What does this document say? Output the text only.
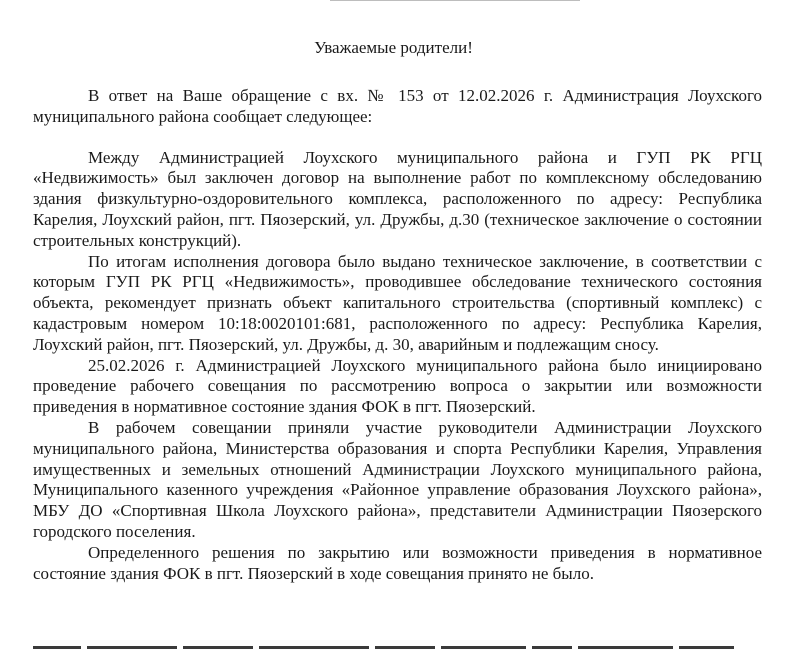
Уважаемые родители!

В ответ на Ваше обращение с вх. № 153 от 12.02.2026 г. Администрация Лоухского муниципального района сообщает следующее:

Между Администрацией Лоухского муниципального района и ГУП РК РГЦ «Недвижимость» был заключен договор на выполнение работ по комплексному обследованию здания физкультурно-оздоровительного комплекса, расположенного по адресу: Республика Карелия, Лоухский район, пгт. Пяозерский, ул. Дружбы, д.30 (техническое заключение о состоянии строительных конструкций).

По итогам исполнения договора было выдано техническое заключение, в соответствии с которым ГУП РК РГЦ «Недвижимость», проводившее обследование технического состояния объекта, рекомендует признать объект капитального строительства (спортивный комплекс) с кадастровым номером 10:18:0020101:681, расположенного по адресу: Республика Карелия, Лоухский район, пгт. Пяозерский, ул. Дружбы, д. 30, аварийным и подлежащим сносу.

25.02.2026 г. Администрацией Лоухского муниципального района было инициировано проведение рабочего совещания по рассмотрению вопроса о закрытии или возможности приведения в нормативное состояние здания ФОК в пгт. Пяозерский.

В рабочем совещании приняли участие руководители Администрации Лоухского муниципального района, Министерства образования и спорта Республики Карелия, Управления имущественных и земельных отношений Администрации Лоухского муниципального района, Муниципального казенного учреждения «Районное управление образования Лоухского района», МБУ ДО «Спортивная Школа Лоухского района», представители Администрации Пяозерского городского поселения.

Определенного решения по закрытию или возможности приведения в нормативное состояние здания ФОК в пгт. Пяозерский в ходе совещания принято не было.
